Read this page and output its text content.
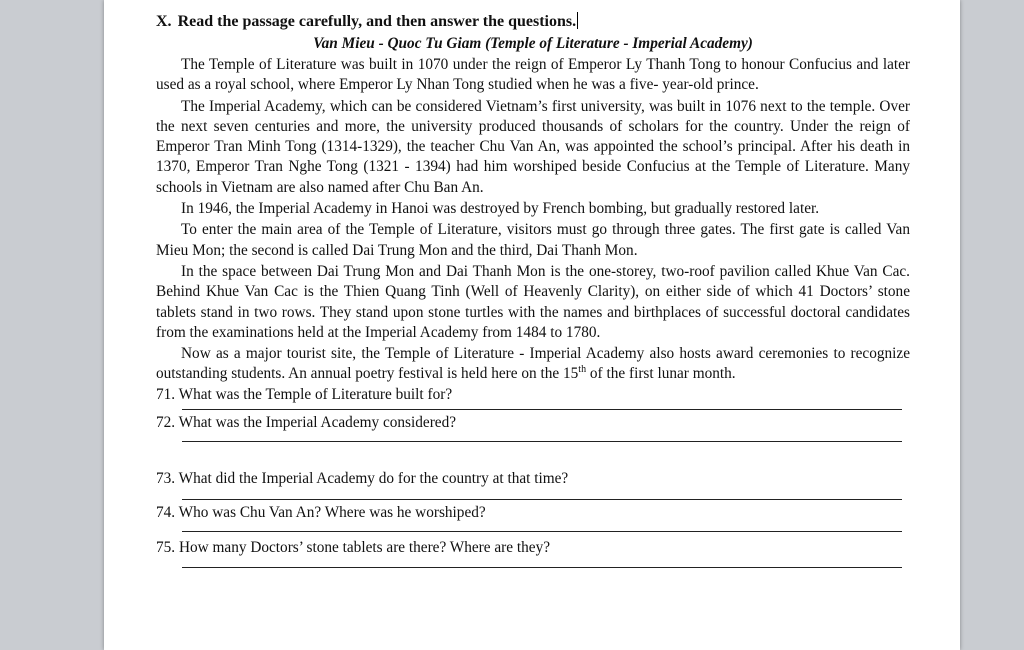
X. Read the passage carefully, and then answer the questions.

Van Mieu - Quoc Tu Giam (Temple of Literature - Imperial Academy)

The Temple of Literature was built in 1070 under the reign of Emperor Ly Thanh Tong to honour Confucius and later used as a royal school, where Emperor Ly Nhan Tong studied when he was a five- year-old prince.

The Imperial Academy, which can be considered Vietnam’s first university, was built in 1076 next to the temple. Over the next seven centuries and more, the university produced thousands of scholars for the country. Under the reign of Emperor Tran Minh Tong (1314-1329), the teacher Chu Van An, was appointed the school’s principal. After his death in 1370, Emperor Tran Nghe Tong (1321 - 1394) had him worshiped beside Confucius at the Temple of Literature. Many schools in Vietnam are also named after Chu Ban An.

In 1946, the Imperial Academy in Hanoi was destroyed by French bombing, but gradually restored later.

To enter the main area of the Temple of Literature, visitors must go through three gates. The first gate is called Van Mieu Mon; the second is called Dai Trung Mon and the third, Dai Thanh Mon.

In the space between Dai Trung Mon and Dai Thanh Mon is the one-storey, two-roof pavilion called Khue Van Cac. Behind Khue Van Cac is the Thien Quang Tinh (Well of Heavenly Clarity), on either side of which 41 Doctors’ stone tablets stand in two rows. They stand upon stone turtles with the names and birthplaces of successful doctoral candidates from the examinations held at the Imperial Academy from 1484 to 1780.

Now as a major tourist site, the Temple of Literature - Imperial Academy also hosts award ceremonies to recognize outstanding students. An annual poetry festival is held here on the 15th of the first lunar month.

71. What was the Temple of Literature built for?

72. What was the Imperial Academy considered?

73. What did the Imperial Academy do for the country at that time?

74. Who was Chu Van An? Where was he worshiped?

75. How many Doctors’ stone tablets are there? Where are they?
